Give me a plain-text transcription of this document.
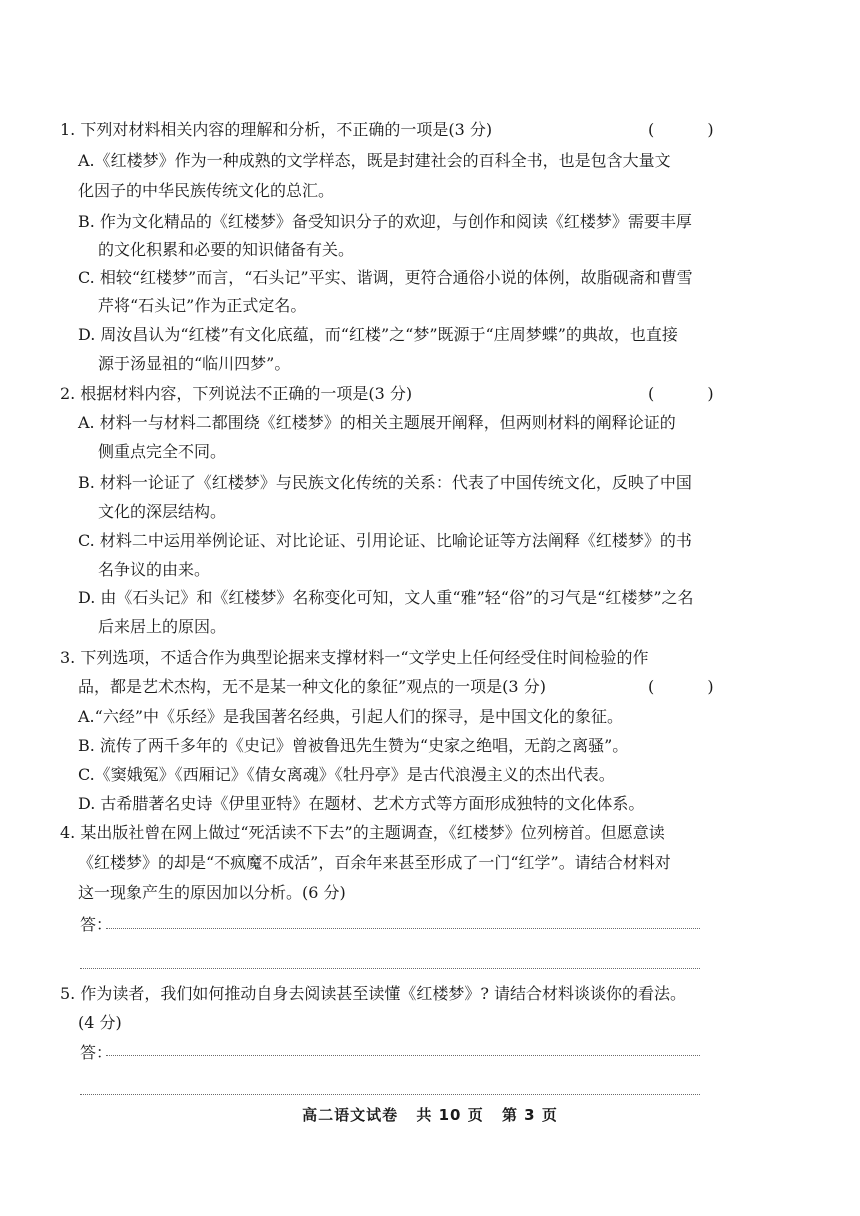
1. 下列对材料相关内容的理解和分析，不正确的一项是(3 分)	( )
A.《红楼梦》作为一种成熟的文学样态，既是封建社会的百科全书，也是包含大量文
化因子的中华民族传统文化的总汇。
B. 作为文化精品的《红楼梦》备受知识分子的欢迎，与创作和阅读《红楼梦》需要丰厚
的文化积累和必要的知识储备有关。
C. 相较“红楼梦”而言，“石头记”平实、谐调，更符合通俗小说的体例，故脂砚斋和曹雪
芹将“石头记”作为正式定名。
D. 周汝昌认为“红楼”有文化底蕴，而“红楼”之“梦”既源于“庄周梦蝶”的典故，也直接
源于汤显祖的“临川四梦”。
2. 根据材料内容，下列说法不正确的一项是(3 分)	( )
A. 材料一与材料二都围绕《红楼梦》的相关主题展开阐释，但两则材料的阐释论证的
侧重点完全不同。
B. 材料一论证了《红楼梦》与民族文化传统的关系：代表了中国传统文化，反映了中国
文化的深层结构。
C. 材料二中运用举例论证、对比论证、引用论证、比喻论证等方法阐释《红楼梦》的书
名争议的由来。
D. 由《石头记》和《红楼梦》名称变化可知，文人重“雅”轻“俗”的习气是“红楼梦”之名
后来居上的原因。
3. 下列选项，不适合作为典型论据来支撑材料一“文学史上任何经受住时间检验的作
品，都是艺术杰构，无不是某一种文化的象征”观点的一项是(3 分)	( )
A.“六经”中《乐经》是我国著名经典，引起人们的探寻，是中国文化的象征。
B. 流传了两千多年的《史记》曾被鲁迅先生赞为“史家之绝唱，无韵之离骚”。
C.《窦娥冤》《西厢记》《倩女离魂》《牡丹亭》是古代浪漫主义的杰出代表。
D. 古希腊著名史诗《伊里亚特》在题材、艺术方式等方面形成独特的文化体系。
4. 某出版社曾在网上做过“死活读不下去”的主题调查，《红楼梦》位列榜首。但愿意读
《红楼梦》的却是“不疯魔不成活”，百余年来甚至形成了一门“红学”。请结合材料对
这一现象产生的原因加以分析。(6 分)
答：
5. 作为读者，我们如何推动自身去阅读甚至读懂《红楼梦》? 请结合材料谈谈你的看法。
(4 分)
答：
高二语文试卷 共 10 页 第 3 页
